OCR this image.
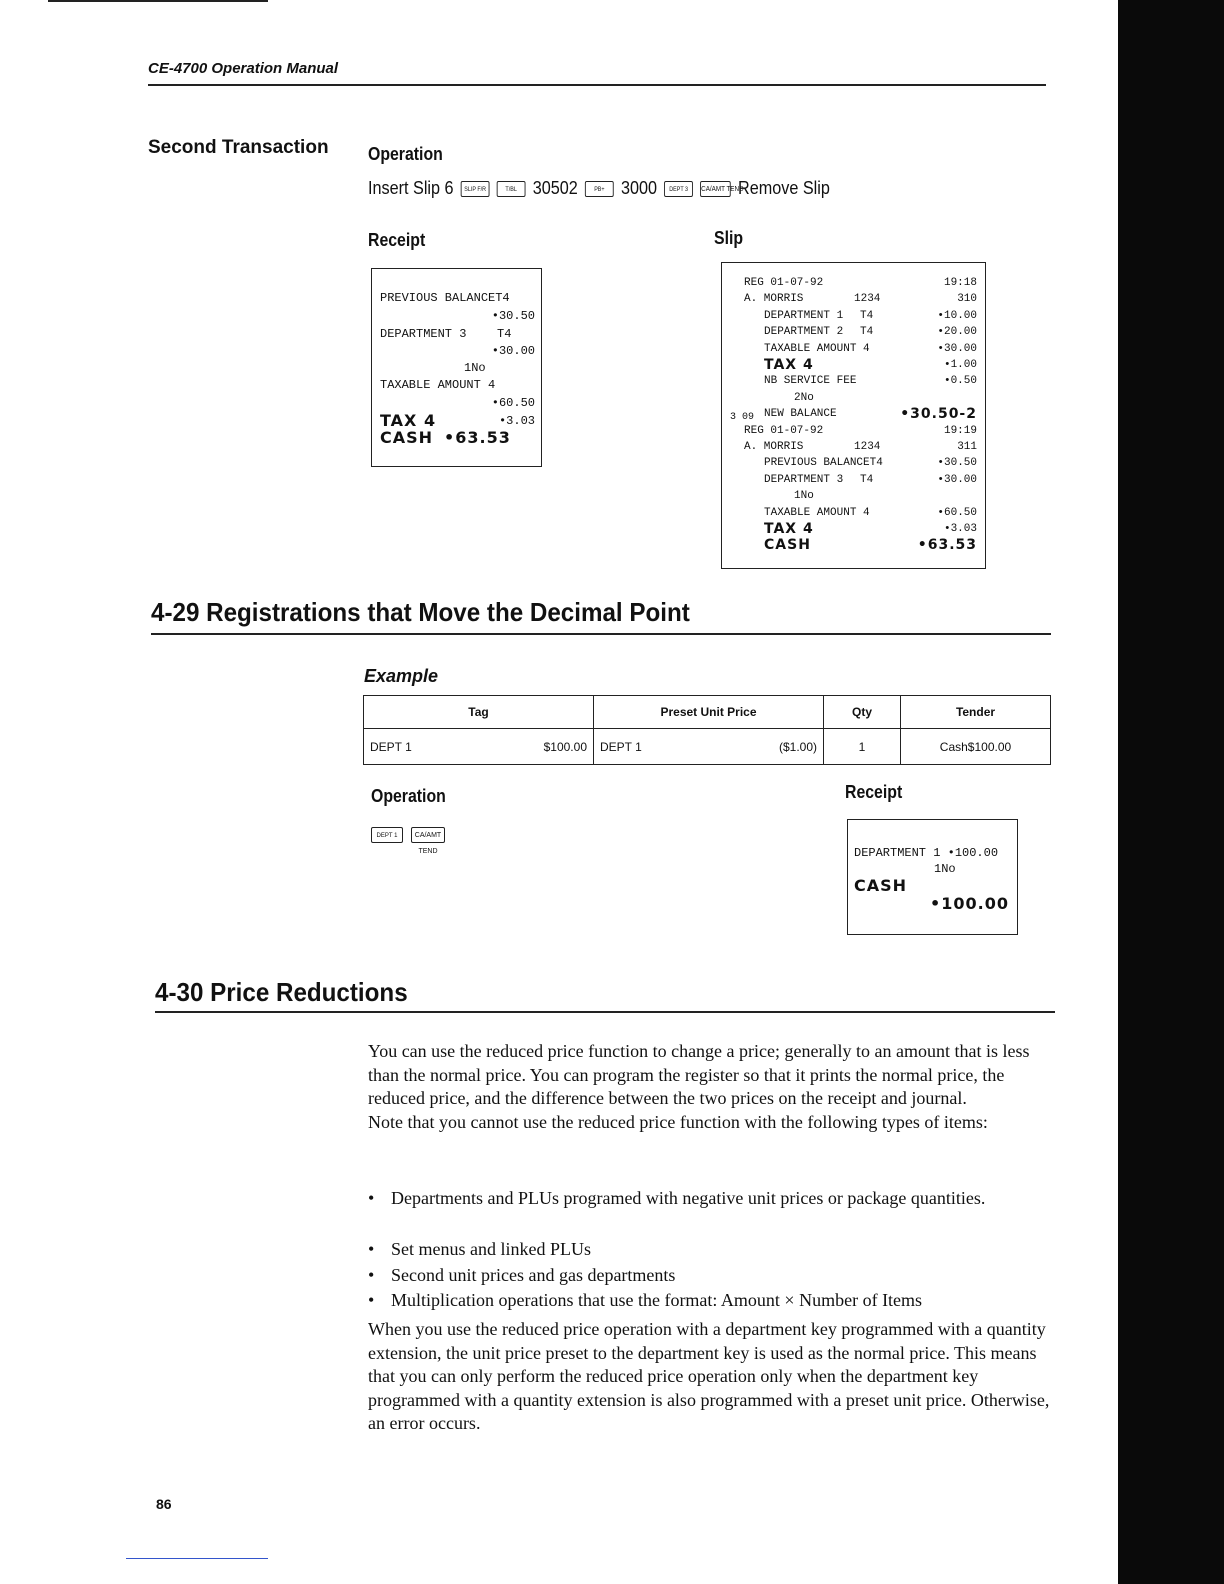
CE-4700 Operation Manual
Second Transaction Operation
Insert Slip 6	SLIP F/R	T/BL 30502	PB+ 3000	DEPT 3	CA/AMT TEND
Remove Slip
Receipt	Slip
PREVIOUS BALANCET4
•30.50
DEPARTMENT 3	T4
•30.00
1No
TAXABLE AMOUNT 4
•60.50
TAX 4	•3.03
CASH •63.53
3 09
REG 01-07-92	19:18
A. MORRIS	1234	310
DEPARTMENT 1 T4	•10.00
DEPARTMENT 2 T4	•20.00
TAXABLE AMOUNT 4	•30.00
TAX 4	•1.00
NB SERVICE FEE	•0.50
2No
NEW BALANCE	•30.50-2
REG 01-07-92	19:19
A. MORRIS	1234	311
PREVIOUS BALANCET4	•30.50
DEPARTMENT 3 T4	•30.00
1No
TAXABLE AMOUNT 4	•60.50
TAX 4	•3.03
CASH	•63.53
4-29 Registrations that Move the Decimal Point
Example
Tag	Preset Unit Price	Qty	Tender
DEPT 1 $100.00	DEPT 1 ($1.00)	1	Cash$100.00
Operation
DEPT 1	CA/AMT TEND
Receipt
DEPARTMENT 1 •100.00
1No
CASH
•100.00
4-30 Price Reductions

You can use the reduced price function to change a price; generally to an amount that is less than the normal price. You can program the register so that it prints the normal price, the reduced price, and the difference between the two prices on the receipt and journal.

Note that you cannot use the reduced price function with the following types of items:

• Departments and PLUs programed with negative unit prices or package quantities.
• Set menus and linked PLUs
• Second unit prices and gas departments
• Multiplication operations that use the format: Amount × Number of Items

When you use the reduced price operation with a department key programmed with a quantity extension, the unit price preset to the department key is used as the normal price. This means that you can only perform the reduced price operation only when the department key programmed with a quantity extension is also programmed with a preset unit price. Otherwise, an error occurs.

86
